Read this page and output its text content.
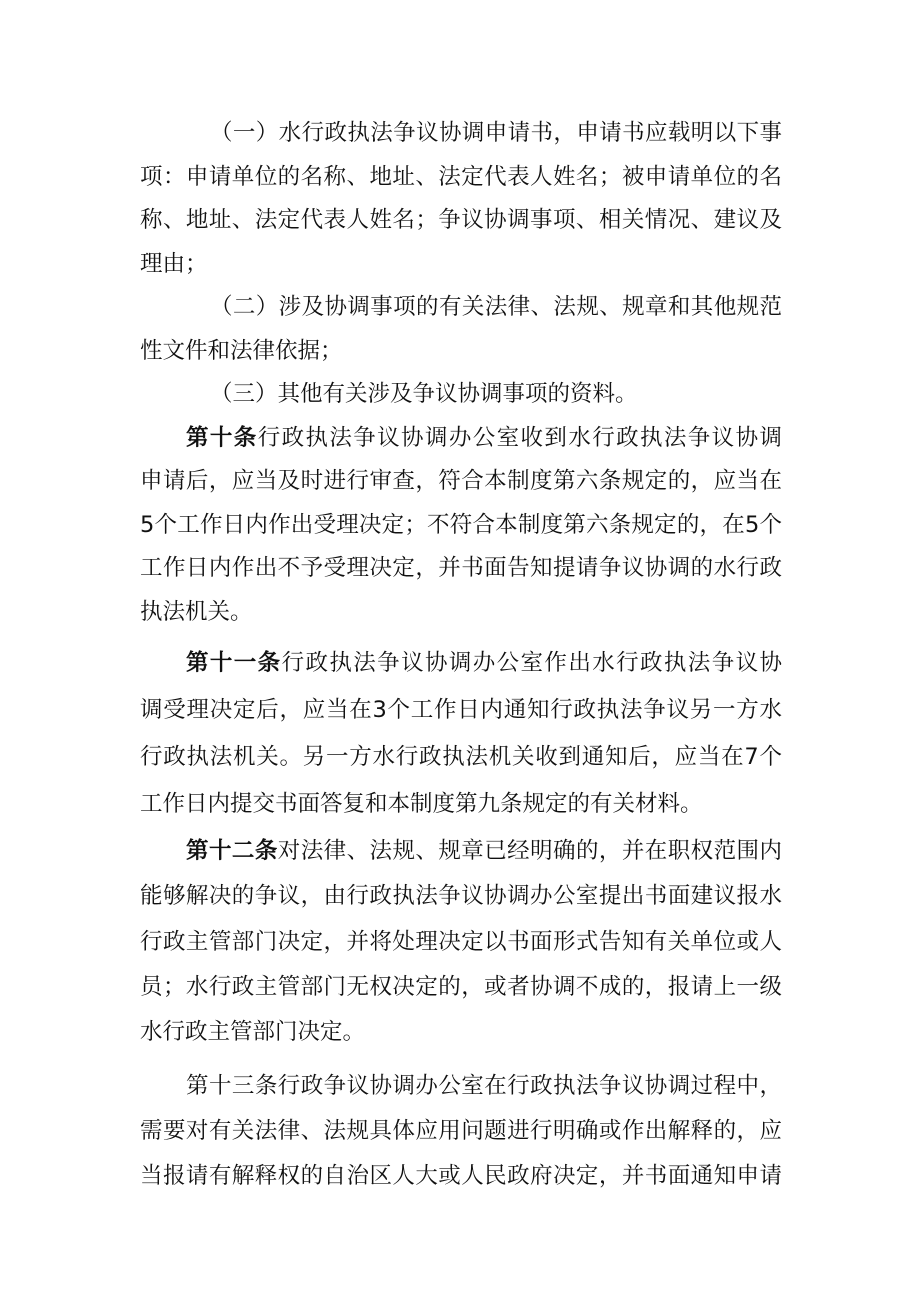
（一）水行政执法争议协调申请书，申请书应载明以下事
项：申请单位的名称、地址、法定代表人姓名；被申请单位的名
称、地址、法定代表人姓名；争议协调事项、相关情况、建议及
理由；
（二）涉及协调事项的有关法律、法规、规章和其他规范
性文件和法律依据；
（三）其他有关涉及争议协调事项的资料。
第十条行政执法争议协调办公室收到水行政执法争议协调
申请后，应当及时进行审查，符合本制度第六条规定的，应当在
5个工作日内作出受理决定；不符合本制度第六条规定的，在5个
工作日内作出不予受理决定，并书面告知提请争议协调的水行政
执法机关。
第十一条行政执法争议协调办公室作出水行政执法争议协
调受理决定后，应当在3个工作日内通知行政执法争议另一方水
行政执法机关。另一方水行政执法机关收到通知后，应当在7个
工作日内提交书面答复和本制度第九条规定的有关材料。
第十二条对法律、法规、规章已经明确的，并在职权范围内
能够解决的争议，由行政执法争议协调办公室提出书面建议报水
行政主管部门决定，并将处理决定以书面形式告知有关单位或人
员；水行政主管部门无权决定的，或者协调不成的，报请上一级
水行政主管部门决定。
第十三条行政争议协调办公室在行政执法争议协调过程中，
需要对有关法律、法规具体应用问题进行明确或作出解释的，应
当报请有解释权的自治区人大或人民政府决定，并书面通知申请
